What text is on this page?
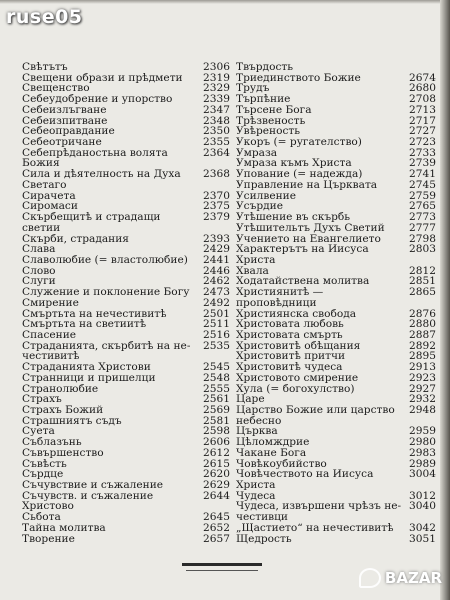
Свѣтътъ	2306
Свещени образи и прѣдмети	2319
Свещенство	2329
Себеудобрение и упорство	2339
Себеизлъгване	2347
Себеизпитване	2348
Себеоправдание	2350
Себеотричане	2355
Себепрѣданостьна волята Божия
2364
Сила и дѣятелность на Духа
Светаго
2368
Сирачета	2370
Сиромаси	2375
Скърбещитѣ и страдащи светии
2379
Скърби, страдания	2393
Слава	2429
Славолюбие (= властолюбие)	2441
Слово	2446
Слуги	2462
Служение и поклонение Богу	2473
Смирение	2492
Смъртьта на нечестивитѣ	2501
Смъртьта на светиитѣ	2511
Спасение	2516
Страданията, скърбитѣ на не-
честивитѣ
2535
Страданията Христови	2545
Странници и пришелци	2548
Странолюбие	2555
Страхъ	2561
Страхъ Божий	2569
Страшниятъ съдъ	2581
Суета	2598
Съблазънь	2606
Съвършенство	2612
Съвѣсть	2615
Сърдце	2620
Съчувствие и съжаление	2629
Съчувств. и съжаление Христово
2644
Сьбота	2645
Тайна молитва	2652
Творение	2657
Твърдость
Триединството Божие	2674
Трудъ	2680
Търпѣние	2708
Търсене Бога	2713
Трѣзвеность	2717
Увѣреность	2727
Укоръ (= ругателство)	2723
Умраза	2733
Умраза къмъ Христа	2739
Упование (= надежда)	2741
Управление на Църквата	2745
Усилвение	2759
Усърдие	2765
Утѣшение въ скърбь	2773
Утѣшительтъ Духъ Светий	2777
Учението на Евангелието	2798
Характерътъ на Иисуса Христа
2803
Хвала	2812
Ходатайствена молитва	2851
Християнитѣ — проповѣдници
2865
Християнска свобода	2876
Христовата любовь	2880
Христовата смърть	2887
Христовитѣ обѣщания	2892
Христовитѣ притчи	2895
Христовитѣ чудеса	2913
Христовото смирение	2923
Хула (= богохулство)	2927
Царе	2932
Царство Божие или царство
небесно
2948
Църква	2959
Цѣломждрие	2980
Чакане Бога	2983
Човѣкоубийство	2989
Човѣчеството на Иисуса Христа
3004
Чудеса	3012
Чудеса, извършени чрѣзъ не-
честивци
3040
„Щастието“ на нечестивитѣ	3042
Щедрость	3051
ruse05
BAZAR
